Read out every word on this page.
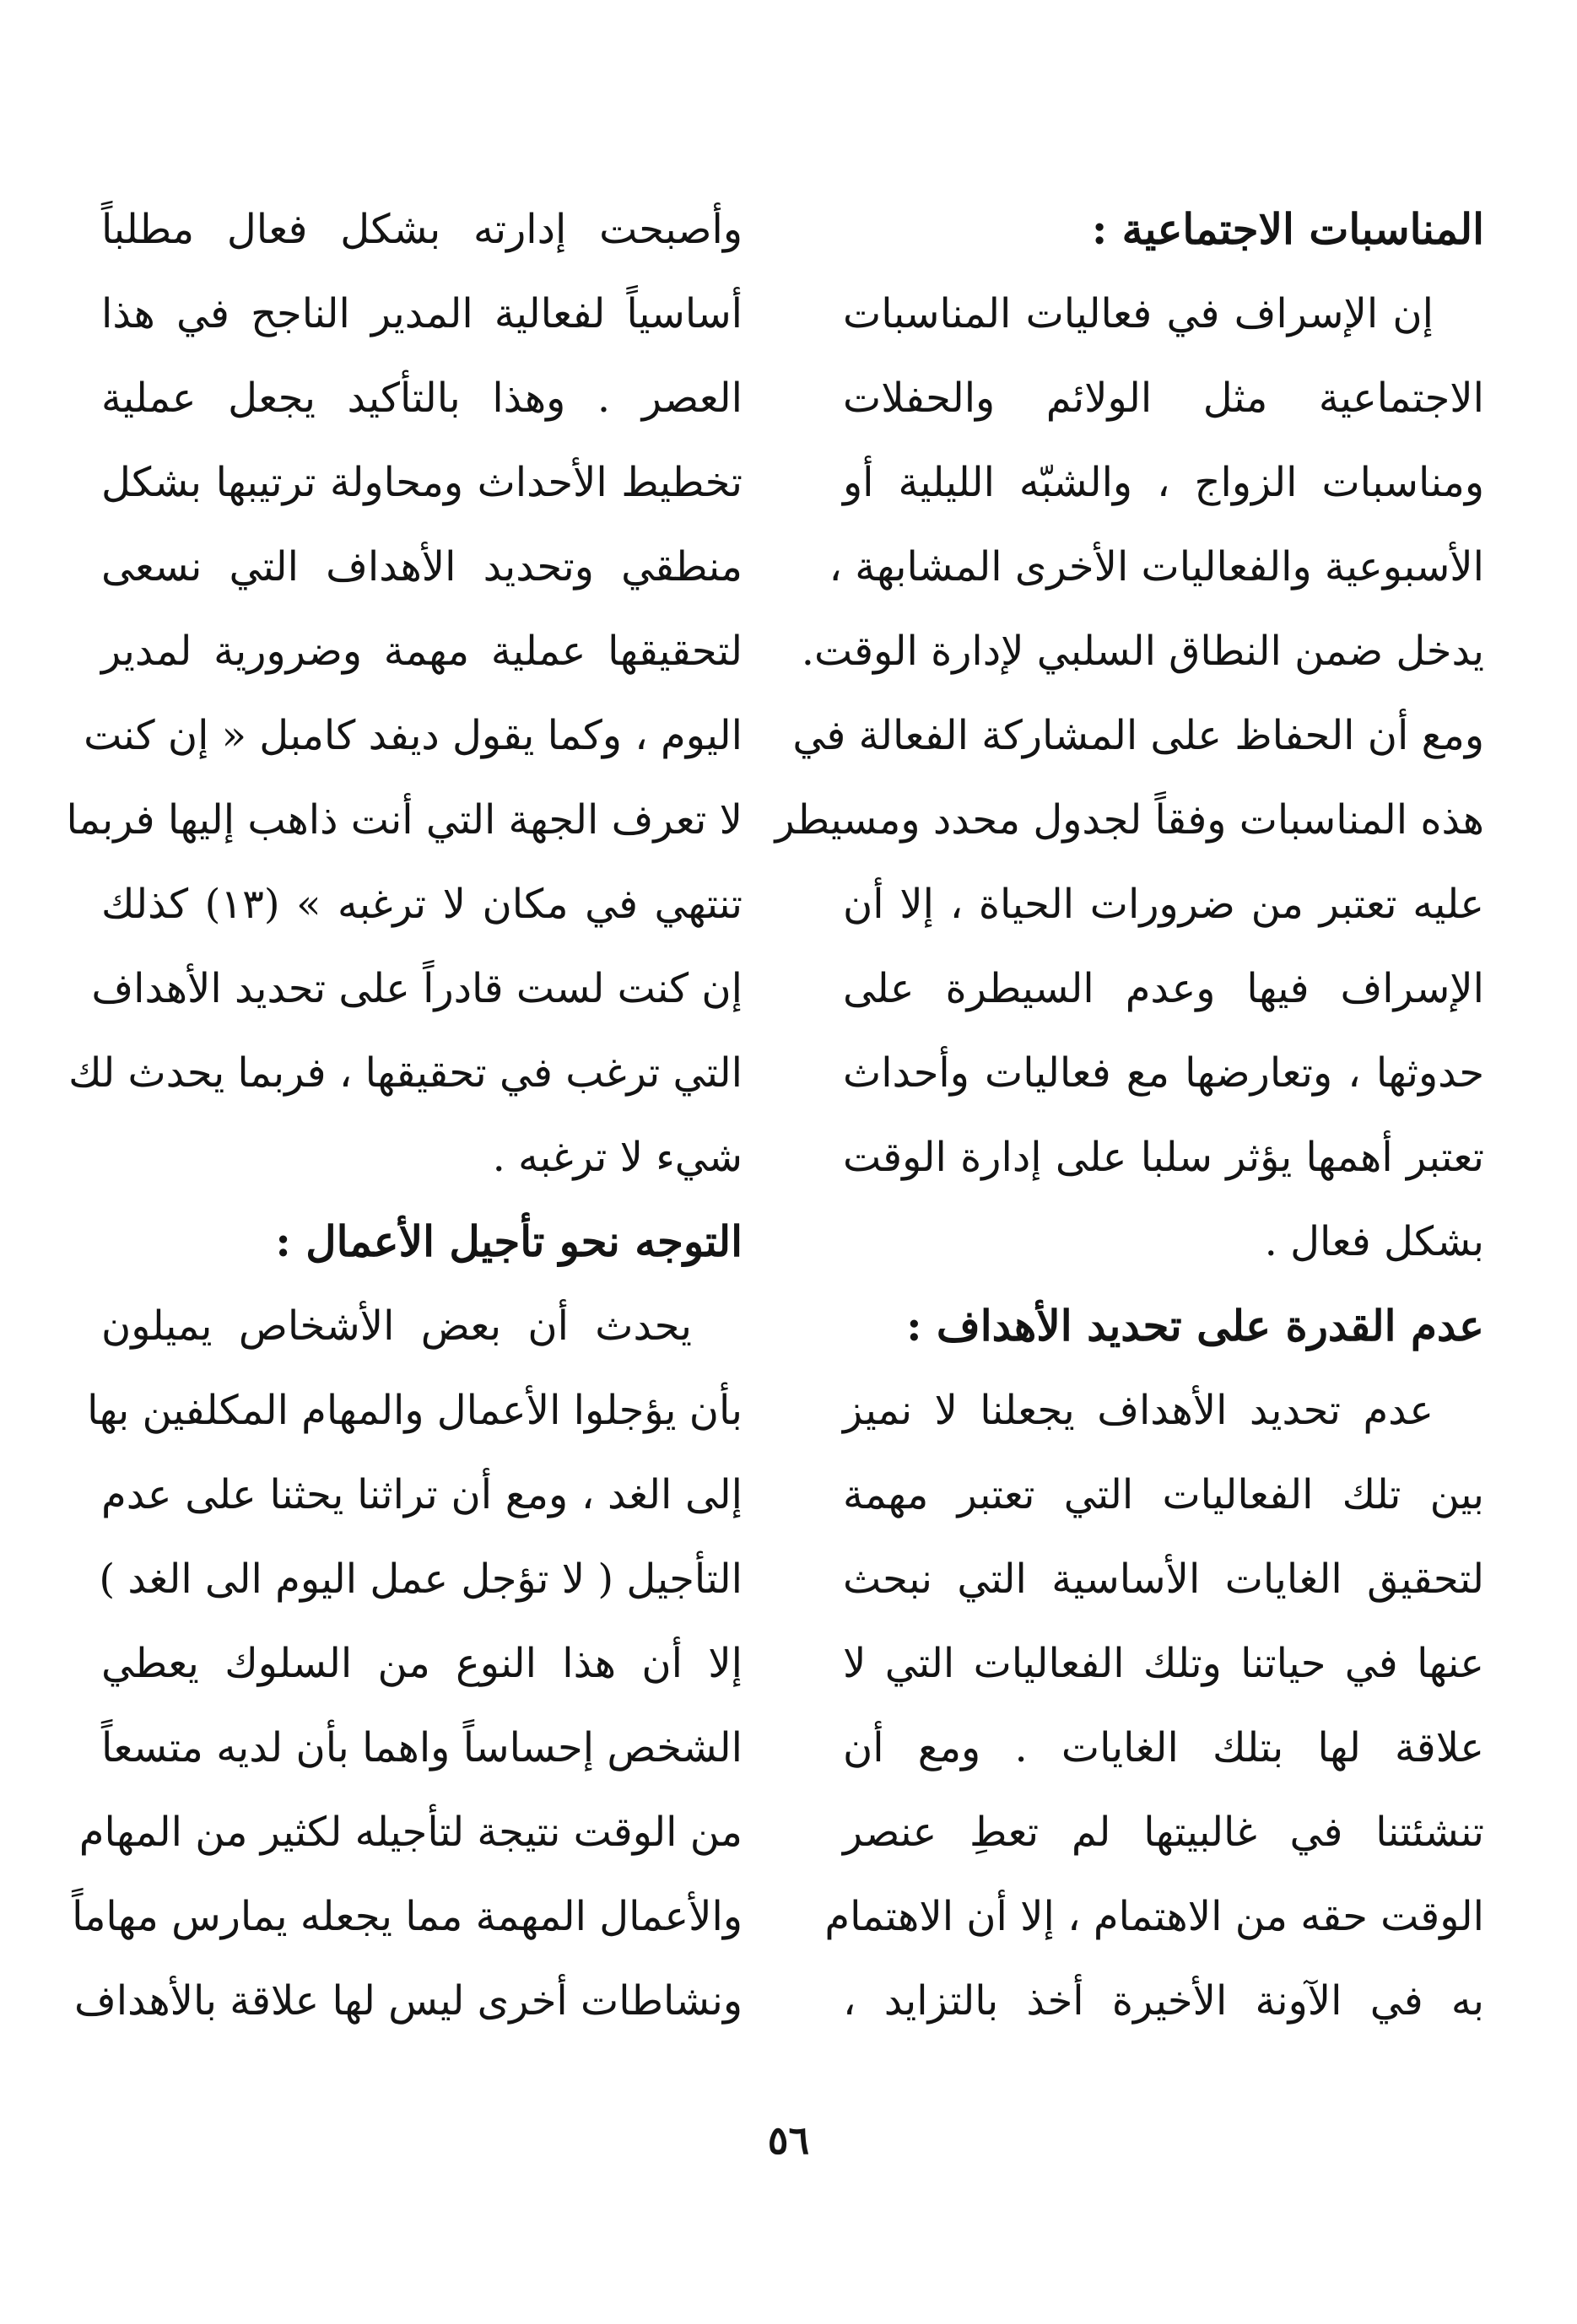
المناسبات الاجتماعية :
إن الإسراف في فعاليات المناسبات
الاجتماعية مثل الولائم والحفلات
ومناسبات الزواج ، والشبّه الليلية أو
الأسبوعية والفعاليات الأخرى المشابهة ،
يدخل ضمن النطاق السلبي لإدارة الوقت.
ومع أن الحفاظ على المشاركة الفعالة في
هذه المناسبات وفقاً لجدول محدد ومسيطر
عليه تعتبر من ضرورات الحياة ، إلا أن
الإسراف فيها وعدم السيطرة على
حدوثها ، وتعارضها مع فعاليات وأحداث
تعتبر أهمها يؤثر سلبا على إدارة الوقت
بشكل فعال .
عدم القدرة على تحديد الأهداف :
عدم تحديد الأهداف يجعلنا لا نميز
بين تلك الفعاليات التي تعتبر مهمة
لتحقيق الغايات الأساسية التي نبحث
عنها في حياتنا وتلك الفعاليات التي لا
علاقة لها بتلك الغايات . ومع أن
تنشئتنا في غالبيتها لم تعطِ عنصر
الوقت حقه من الاهتمام ، إلا أن الاهتمام
به في الآونة الأخيرة أخذ بالتزايد ،
وأصبحت إدارته بشكل فعال مطلباً
أساسياً لفعالية المدير الناجح في هذا
العصر . وهذا بالتأكيد يجعل عملية
تخطيط الأحداث ومحاولة ترتيبها بشكل
منطقي وتحديد الأهداف التي نسعى
لتحقيقها عملية مهمة وضرورية لمدير
اليوم ، وكما يقول ديفد كامبل « إن كنت
لا تعرف الجهة التي أنت ذاهب إليها فربما
تنتهي في مكان لا ترغبه » (١٣) كذلك
إن كنت لست قادراً على تحديد الأهداف
التي ترغب في تحقيقها ، فربما يحدث لك
شيء لا ترغبه .
التوجه نحو تأجيل الأعمال :
يحدث أن بعض الأشخاص يميلون
بأن يؤجلوا الأعمال والمهام المكلفين بها
إلى الغد ، ومع أن تراثنا يحثنا على عدم
التأجيل ( لا تؤجل عمل اليوم الى الغد )
إلا أن هذا النوع من السلوك يعطي
الشخص إحساساً واهما بأن لديه متسعاً
من الوقت نتيجة لتأجيله لكثير من المهام
والأعمال المهمة مما يجعله يمارس مهاماً
ونشاطات أخرى ليس لها علاقة بالأهداف
٥٦
